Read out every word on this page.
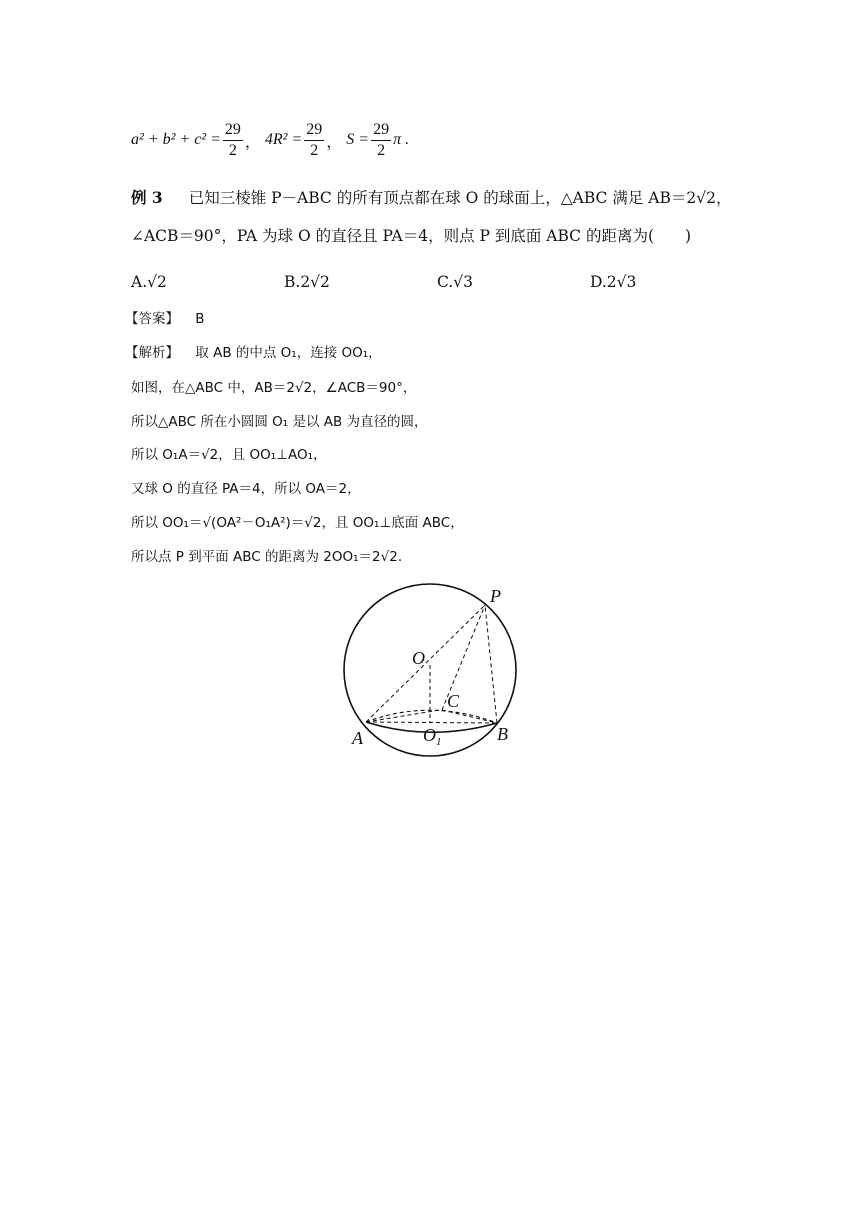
$a^2 + b^2 + c^2 = \frac{29}{2}$ ， $4R^2 = \frac{29}{2}$ ， $S = \frac{29}{2}$ π .
例 3 已知三棱锥 P－ABC 的所有顶点都在球 O 的球面上，△ABC 满足 AB＝2√2，
∠ACB＝90°，PA 为球 O 的直径且 PA＝4，则点 P 到底面 ABC 的距离为(　　)
A.√2	B.2√2	C.√3	D.2√3
【答案】 B
【解析】 取 AB 的中点 O₁，连接 OO₁，
如图，在△ABC 中，AB＝2√2，∠ACB＝90°，
所以△ABC 所在小圆圆 O₁ 是以 AB 为直径的圆，
所以 O₁A＝√2，且 OO₁⊥AO₁，
又球 O 的直径 PA＝4，所以 OA＝2，
所以 OO₁＝√(OA²－O₁A²)＝√2，且 OO₁⊥底面 ABC，
所以点 P 到平面 ABC 的距离为 2OO₁＝2√2.
P
O
C
A	$O_1$	B
